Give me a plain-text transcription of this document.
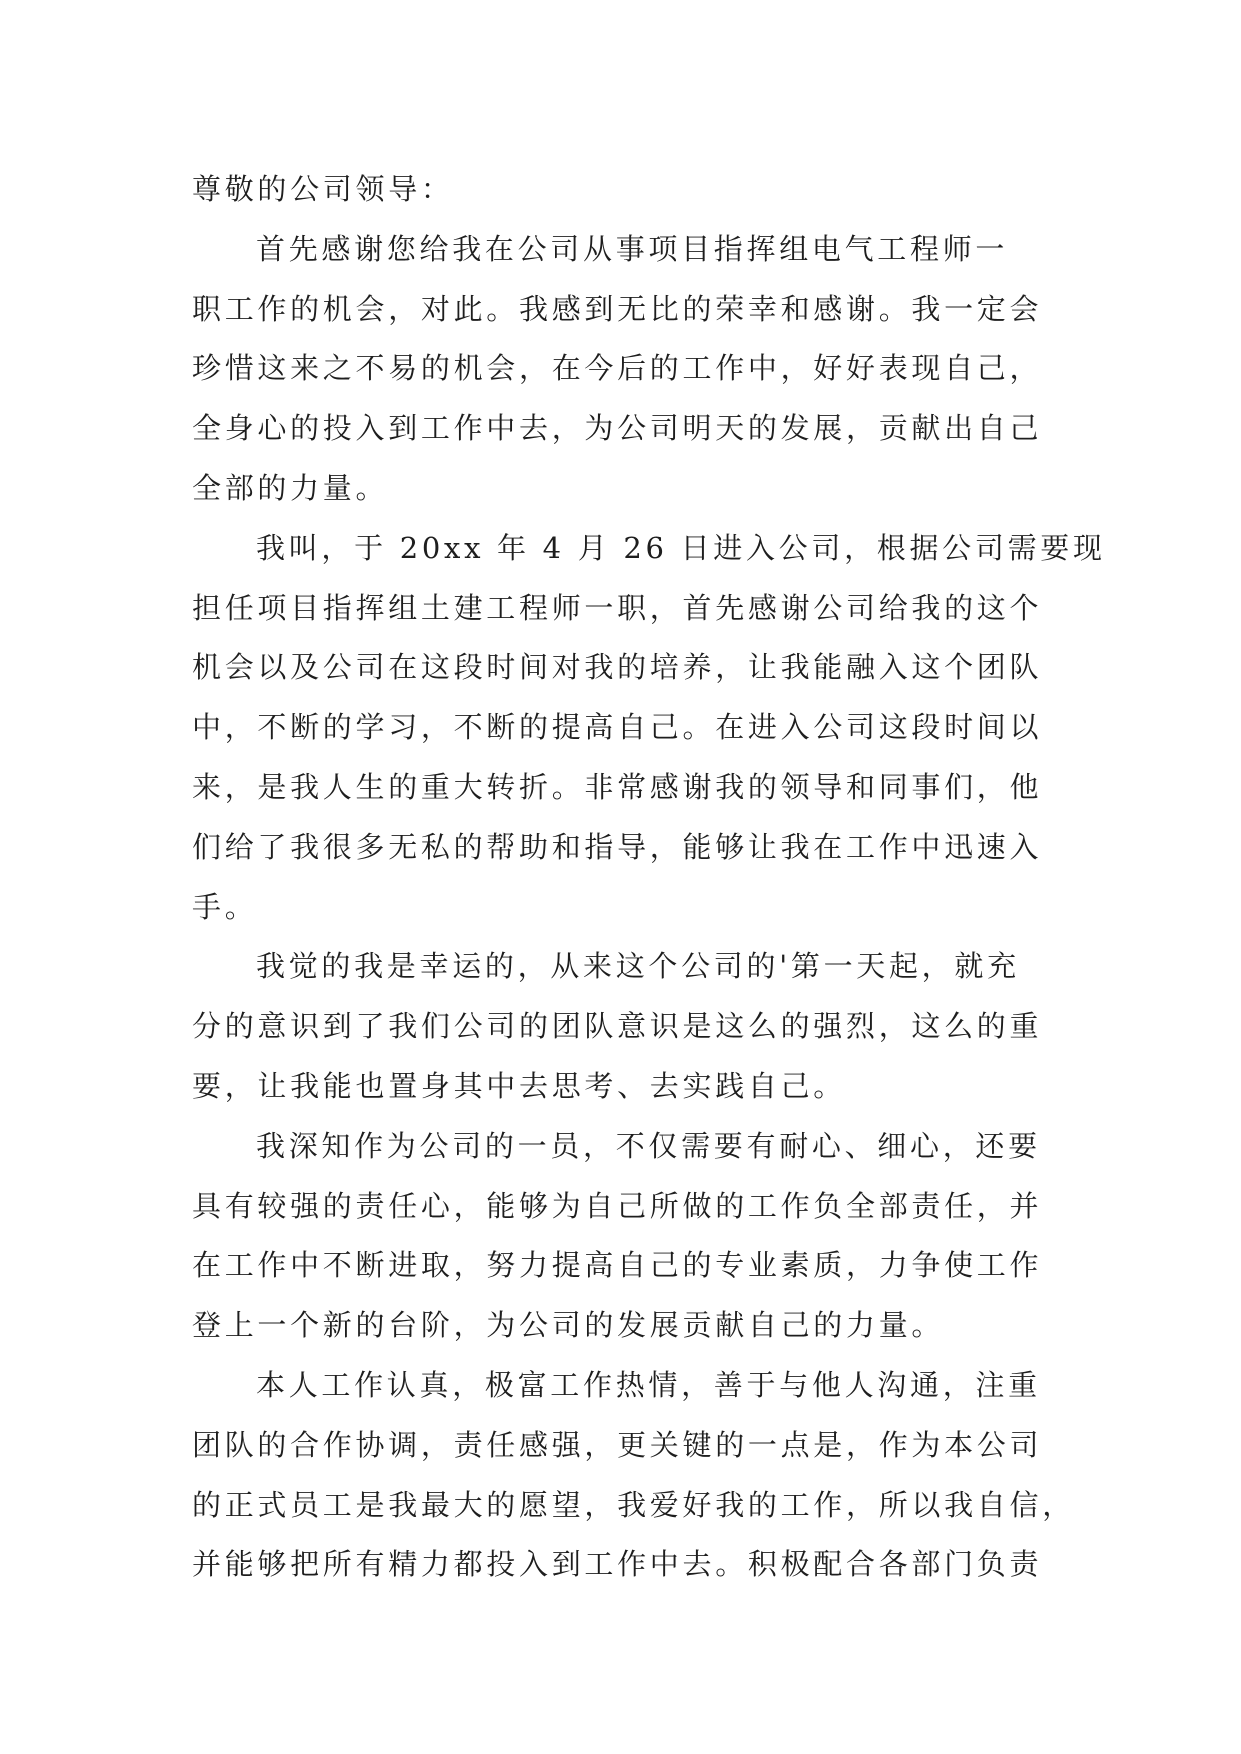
尊敬的公司领导：
首先感谢您给我在公司从事项目指挥组电气工程师一
职工作的机会，对此。我感到无比的荣幸和感谢。我一定会
珍惜这来之不易的机会，在今后的工作中，好好表现自己，
全身心的投入到工作中去，为公司明天的发展，贡献出自己
全部的力量。
我叫，于 20xx 年 4 月 26 日进入公司，根据公司需要现
担任项目指挥组土建工程师一职，首先感谢公司给我的这个
机会以及公司在这段时间对我的培养，让我能融入这个团队
中，不断的学习，不断的提高自己。在进入公司这段时间以
来，是我人生的重大转折。非常感谢我的领导和同事们，他
们给了我很多无私的帮助和指导，能够让我在工作中迅速入
手。
我觉的我是幸运的，从来这个公司的'第一天起，就充
分的意识到了我们公司的团队意识是这么的强烈，这么的重
要，让我能也置身其中去思考、去实践自己。
我深知作为公司的一员，不仅需要有耐心、细心，还要
具有较强的责任心，能够为自己所做的工作负全部责任，并
在工作中不断进取，努力提高自己的专业素质，力争使工作
登上一个新的台阶，为公司的发展贡献自己的力量。
本人工作认真，极富工作热情，善于与他人沟通，注重
团队的合作协调，责任感强，更关键的一点是，作为本公司
的正式员工是我最大的愿望，我爱好我的工作，所以我自信，
并能够把所有精力都投入到工作中去。积极配合各部门负责
